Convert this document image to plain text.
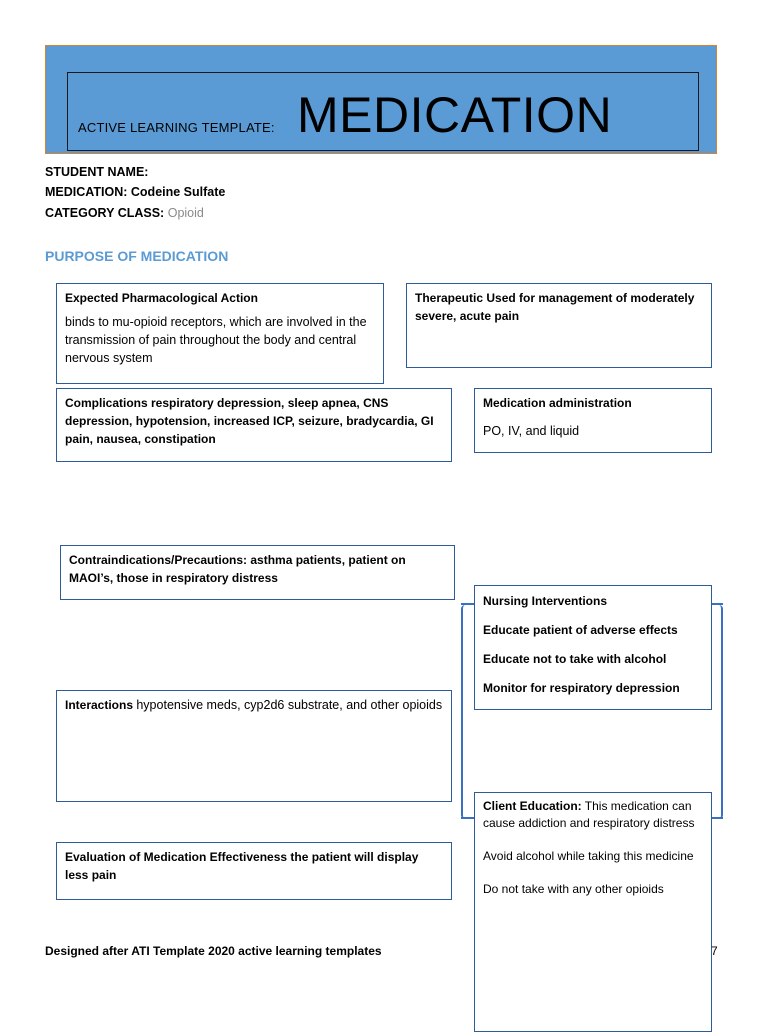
ACTIVE LEARNING TEMPLATE: MEDICATION
STUDENT NAME:
MEDICATION: Codeine Sulfate
CATEGORY CLASS: Opioid
PURPOSE OF MEDICATION

Expected Pharmacological Action

binds to mu-opioid receptors, which are involved in the transmission of pain throughout the body and central nervous system

Therapeutic Used for management of moderately severe, acute pain

Complications respiratory depression, sleep apnea, CNS depression, hypotension, increased ICP, seizure, bradycardia, GI pain, nausea, constipation

Medication administration

PO, IV, and liquid

Contraindications/Precautions: asthma patients, patient on MAOI’s, those in respiratory distress

Nursing Interventions

Educate patient of adverse effects

Educate not to take with alcohol

Monitor for respiratory depression

Interactions hypotensive meds, cyp2d6 substrate, and other opioids

Client Education: This medication can cause addiction and respiratory distress

Avoid alcohol while taking this medicine

Do not take with any other opioids

Evaluation of Medication Effectiveness the patient will display less pain

Designed after ATI Template 2020 active learning templates	7
